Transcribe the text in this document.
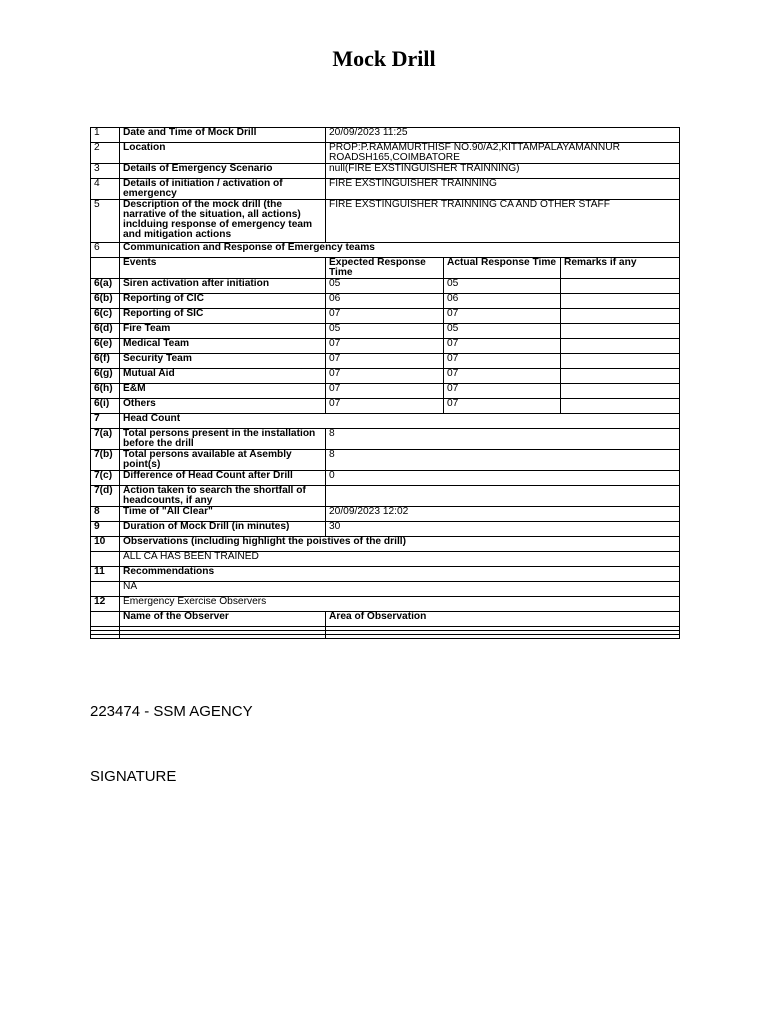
Mock Drill
1	Date and Time of Mock Drill	20/09/2023 11:25		
2	Location	PROP:P.RAMAMURTHISF NO.90/A2,KITTAMPALAYAMANNUR ROADSH165,COIMBATORE		
3	Details of Emergency Scenario	null(FIRE EXSTINGUISHER TRAINNING)		
4	Details of initiation / activation of emergency	FIRE EXSTINGUISHER TRAINNING		
5	Description of the mock drill (the narrative of the situation, all actions) inclduing response of emergency team and mitigation actions	FIRE EXSTINGUISHER TRAINNING CA AND OTHER STAFF		
6	Communication and Response of Emergency teams			
	Events	Expected Response Time	Actual Response Time	Remarks if any
6(a)	Siren activation after initiation	05	05	
6(b)	Reporting of CIC	06	06	
6(c)	Reporting of SIC	07	07	
6(d)	Fire Team	05	05	
6(e)	Medical Team	07	07	
6(f)	Security Team	07	07	
6(g)	Mutual Aid	07	07	
6(h)	E&M	07	07	
6(i)	Others	07	07	
7	Head Count			
7(a)	Total persons present in the installation before the drill	8		
7(b)	Total persons available at Asembly point(s)	8		
7(c)	Difference of Head Count after Drill	0		
7(d)	Action taken to search the shortfall of headcounts, if any			
8	Time of "All Clear"	20/09/2023 12:02		
9	Duration of Mock Drill (in minutes)	30		
10	Observations (including highlight the poistives of the drill)			
	ALL CA HAS BEEN TRAINED			
11	Recommendations			
	NA			
12	Emergency Exercise Observers			
	Name of the Observer	Area of Observation		

223474 - SSM AGENCY
SIGNATURE
